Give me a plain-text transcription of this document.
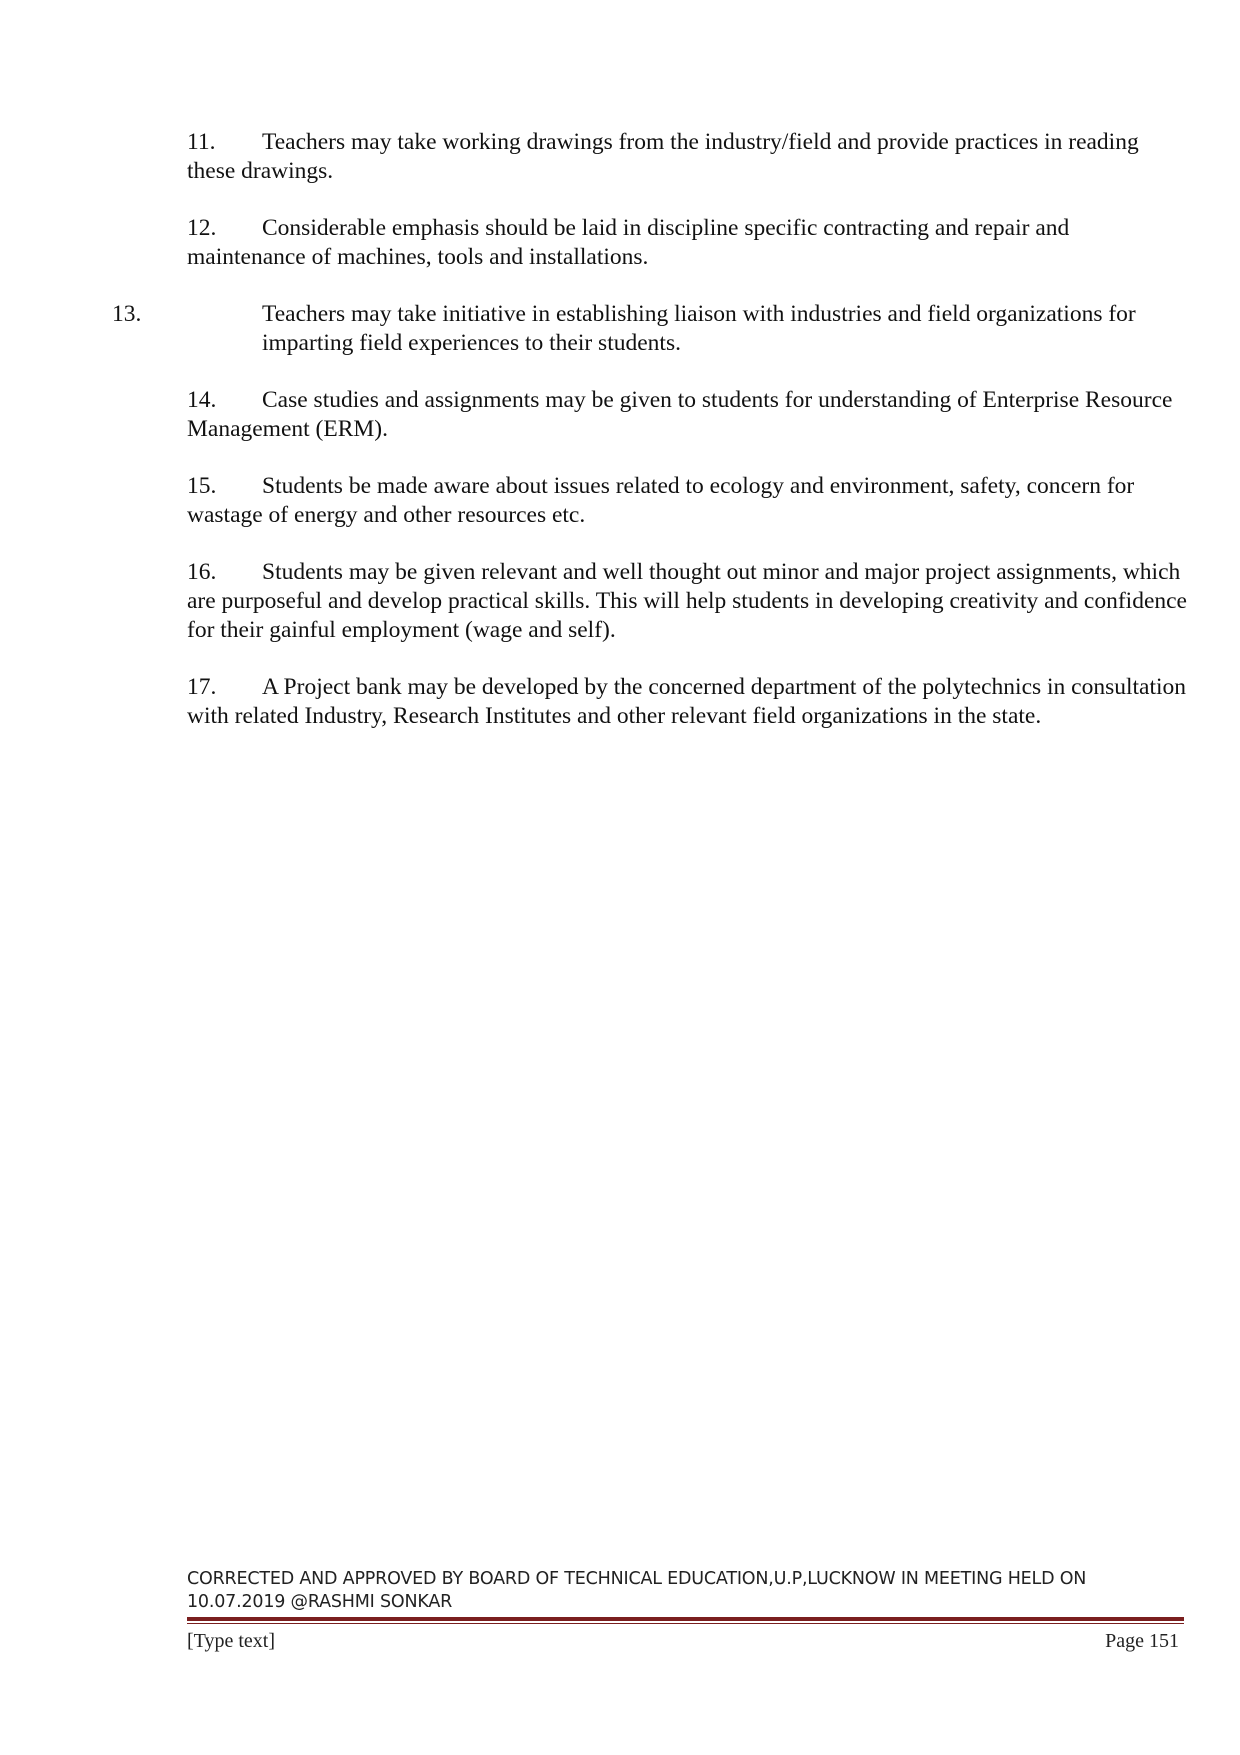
11. Teachers may take working drawings from the industry/field and provide practices in reading these drawings.

12. Considerable emphasis should be laid in discipline specific contracting and repair and maintenance of machines, tools and installations.

13.	Teachers may take initiative in establishing liaison with industries and field organizations for imparting field experiences to their students.

14. Case studies and assignments may be given to students for understanding of Enterprise Resource Management (ERM).

15. Students be made aware about issues related to ecology and environment, safety, concern for wastage of energy and other resources etc.

16. Students may be given relevant and well thought out minor and major project assignments, which are purposeful and develop practical skills. This will help students in developing creativity and confidence for their gainful employment (wage and self).

17. A Project bank may be developed by the concerned department of the polytechnics in consultation with related Industry, Research Institutes and other relevant field organizations in the state.

CORRECTED AND APPROVED BY BOARD OF TECHNICAL EDUCATION,U.P,LUCKNOW IN MEETING HELD ON 10.07.2019 @RASHMI SONKAR
[Type text]	Page 151
